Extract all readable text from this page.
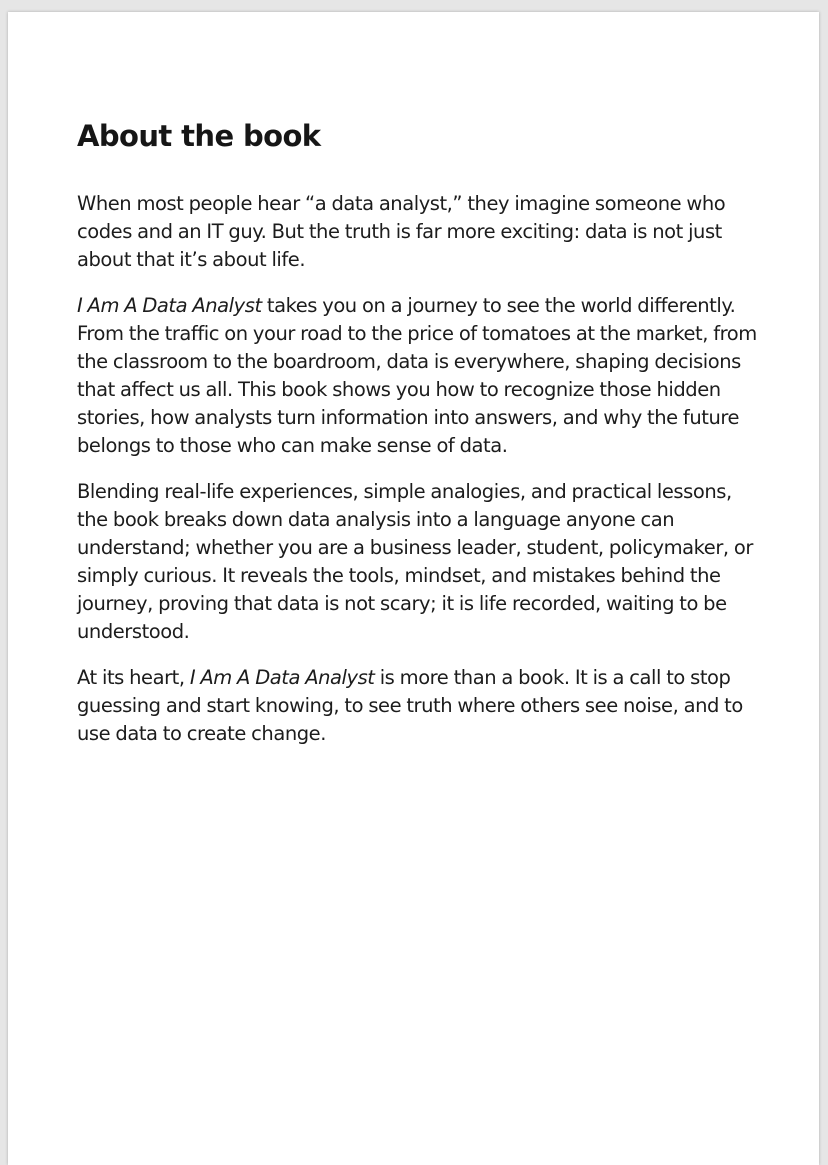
About the book

When most people hear “a data analyst,” they imagine someone who codes and an IT guy. But the truth is far more exciting: data is not just about that it’s about life.

I Am A Data Analyst takes you on a journey to see the world differently. From the traffic on your road to the price of tomatoes at the market, from the classroom to the boardroom, data is everywhere, shaping decisions that affect us all. This book shows you how to recognize those hidden stories, how analysts turn information into answers, and why the future belongs to those who can make sense of data.

Blending real-life experiences, simple analogies, and practical lessons, the book breaks down data analysis into a language anyone can understand; whether you are a business leader, student, policymaker, or simply curious. It reveals the tools, mindset, and mistakes behind the journey, proving that data is not scary; it is life recorded, waiting to be understood.

At its heart, I Am A Data Analyst is more than a book. It is a call to stop guessing and start knowing, to see truth where others see noise, and to use data to create change.
